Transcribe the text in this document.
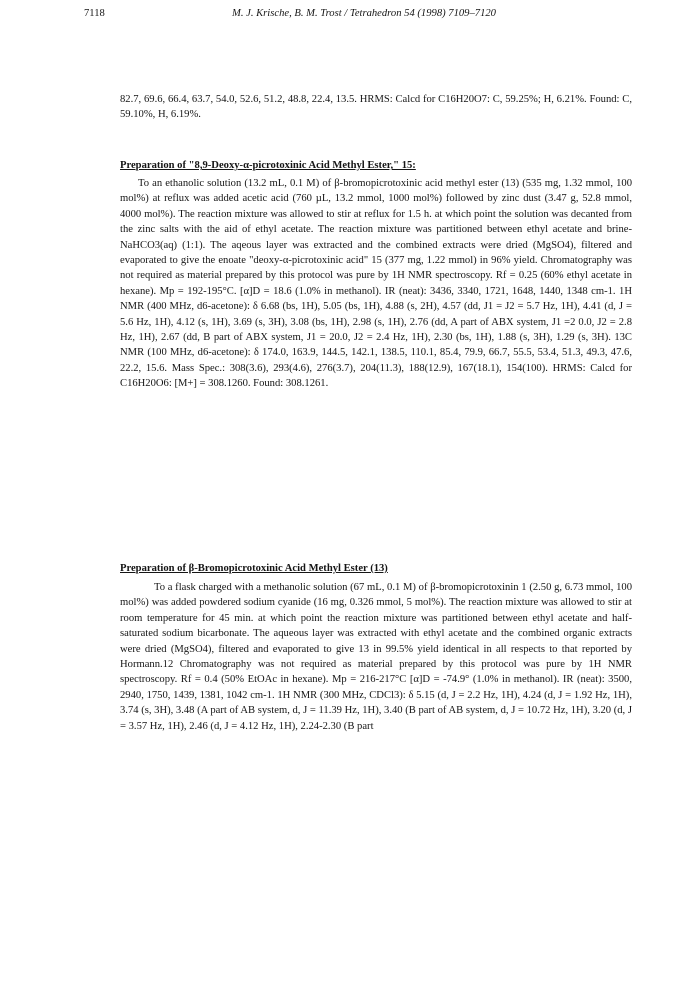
7118	M. J. Krische, B. M. Trost / Tetrahedron 54 (1998) 7109–7120
82.7, 69.6, 66.4, 63.7, 54.0, 52.6, 51.2, 48.8, 22.4, 13.5. HRMS: Calcd for C16H20O7: C, 59.25%; H, 6.21%. Found: C, 59.10%, H, 6.19%.
Preparation of "8,9-Deoxy-α-picrotoxinic Acid Methyl Ester," 15:
To an ethanolic solution (13.2 mL, 0.1 M) of β-bromopicrotoxinic acid methyl ester (13) (535 mg, 1.32 mmol, 100 mol%) at reflux was added acetic acid (760 µL, 13.2 mmol, 1000 mol%) followed by zinc dust (3.47 g, 52.8 mmol, 4000 mol%). The reaction mixture was allowed to stir at reflux for 1.5 h. at which point the solution was decanted from the zinc salts with the aid of ethyl acetate. The reaction mixture was partitioned between ethyl acetate and brine-NaHCO3(aq) (1:1). The aqeous layer was extracted and the combined extracts were dried (MgSO4), filtered and evaporated to give the enoate "deoxy-α-picrotoxinic acid" 15 (377 mg, 1.22 mmol) in 96% yield. Chromatography was not required as material prepared by this protocol was pure by 1H NMR spectroscopy. Rf = 0.25 (60% ethyl acetate in hexane). Mp = 192-195°C. [α]D = 18.6 (1.0% in methanol). IR (neat): 3436, 3340, 1721, 1648, 1440, 1348 cm-1. 1H NMR (400 MHz, d6-acetone): δ 6.68 (bs, 1H), 5.05 (bs, 1H), 4.88 (s, 2H), 4.57 (dd, J1 = J2 = 5.7 Hz, 1H), 4.41 (d, J = 5.6 Hz, 1H), 4.12 (s, 1H), 3.69 (s, 3H), 3.08 (bs, 1H), 2.98 (s, 1H), 2.76 (dd, A part of ABX system, J1 =2 0.0, J2 = 2.8 Hz, 1H), 2.67 (dd, B part of ABX system, J1 = 20.0, J2 = 2.4 Hz, 1H), 2.30 (bs, 1H), 1.88 (s, 3H), 1.29 (s, 3H). 13C NMR (100 MHz, d6-acetone): δ 174.0, 163.9, 144.5, 142.1, 138.5, 110.1, 85.4, 79.9, 66.7, 55.5, 53.4, 51.3, 49.3, 47.6, 22.2, 15.6. Mass Spec.: 308(3.6), 293(4.6), 276(3.7), 204(11.3), 188(12.9), 167(18.1), 154(100). HRMS: Calcd for C16H20O6: [M+] = 308.1260. Found: 308.1261.
Preparation of β-Bromopicrotoxinic Acid Methyl Ester (13)
To a flask charged with a methanolic solution (67 mL, 0.1 M) of β-bromopicrotoxinin 1 (2.50 g, 6.73 mmol, 100 mol%) was added powdered sodium cyanide (16 mg, 0.326 mmol, 5 mol%). The reaction mixture was allowed to stir at room temperature for 45 min. at which point the reaction mixture was partitioned between ethyl acetate and half-saturated sodium bicarbonate. The aqueous layer was extracted with ethyl acetate and the combined organic extracts were dried (MgSO4), filtered and evaporated to give 13 in 99.5% yield identical in all respects to that reported by Hormann.12 Chromatography was not required as material prepared by this protocol was pure by 1H NMR spectroscopy. Rf = 0.4 (50% EtOAc in hexane). Mp = 216-217°C [α]D = -74.9° (1.0% in methanol). IR (neat): 3500, 2940, 1750, 1439, 1381, 1042 cm-1. 1H NMR (300 MHz, CDCl3): δ 5.15 (d, J = 2.2 Hz, 1H), 4.24 (d, J = 1.92 Hz, 1H), 3.74 (s, 3H), 3.48 (A part of AB system, d, J = 11.39 Hz, 1H), 3.40 (B part of AB system, d, J = 10.72 Hz, 1H), 3.20 (d, J = 3.57 Hz, 1H), 2.46 (d, J = 4.12 Hz, 1H), 2.24-2.30 (B part
